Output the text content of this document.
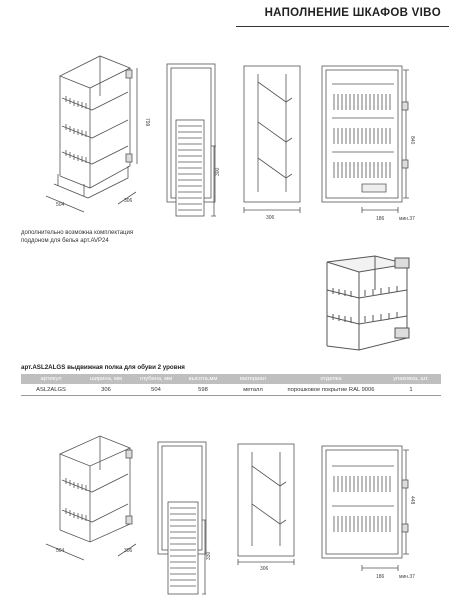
НАПОЛНЕНИЕ ШКАФОВ VIBO
799
504
306
300
306
840
186	мин.37
дополнительно возможна комплектация
поддоном для белья арт.AVP24
арт.ASL2ALGS выдвижная полка для обуви 2 уровня
артикул	ширина, мм	глубина, мм	высота,мм	материал	отделка	упаковка, шт.
ASL2ALGS	306	504	598	металл	порошковое покрытие RAL 9006	1
504	306
330
306
448
186	мин.37
